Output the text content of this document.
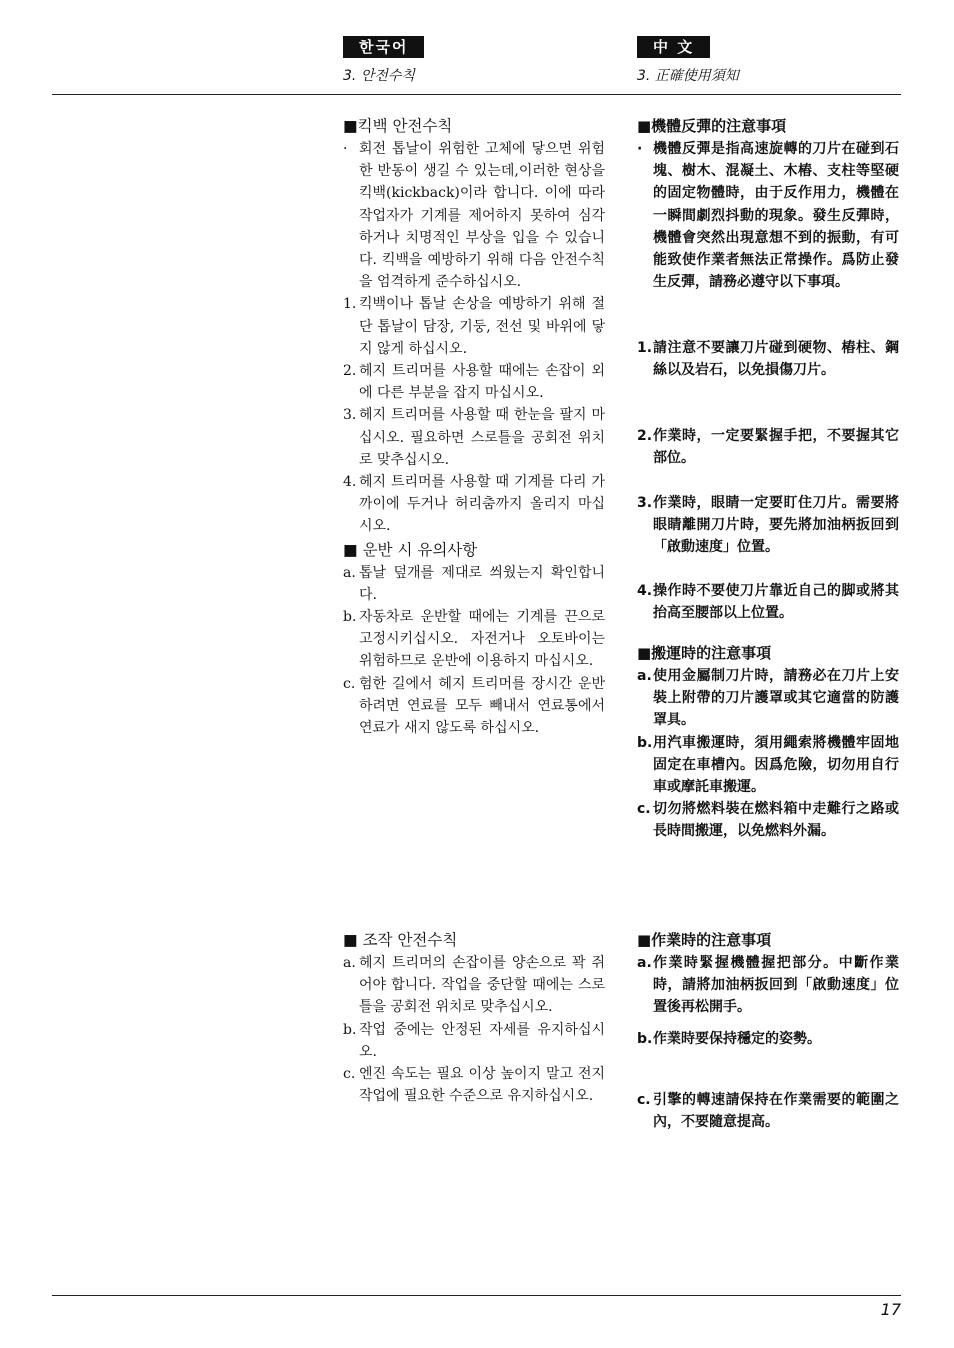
한국어
3. 안전수칙
中 文
3. 正確使用須知
■킥백 안전수칙
· 회전 톱날이 위험한 고체에 닿으면 위험한 반동이 생길 수 있는데,이러한 현상을 킥백(kickback)이라 합니다. 이에 따라 작업자가 기계를 제어하지 못하여 심각하거나 치명적인 부상을 입을 수 있습니다. 킥백을 예방하기 위해 다음 안전수칙을 엄격하게 준수하십시오.
1. 킥백이나 톱날 손상을 예방하기 위해 절단 톱날이 담장, 기둥, 전선 및 바위에 닿지 않게 하십시오.
2. 헤지 트리머를 사용할 때에는 손잡이 외에 다른 부분을 잡지 마십시오.
3. 헤지 트리머를 사용할 때 한눈을 팔지 마십시오. 필요하면 스로틀을 공회전 위치로 맞추십시오.
4. 헤지 트리머를 사용할 때 기계를 다리 가까이에 두거나 허리춤까지 올리지 마십시오.
■ 운반 시 유의사항
a. 톱날 덮개를 제대로 씌웠는지 확인합니다.
b. 자동차로 운반할 때에는 기계를 끈으로 고정시키십시오. 자전거나 오토바이는 위험하므로 운반에 이용하지 마십시오.
c. 험한 길에서 헤지 트리머를 장시간 운반하려면 연료를 모두 빼내서 연료통에서 연료가 새지 않도록 하십시오.
■ 조작 안전수칙
a. 헤지 트리머의 손잡이를 양손으로 꽉 쥐어야 합니다. 작업을 중단할 때에는 스로틀을 공회전 위치로 맞추십시오.
b. 작업 중에는 안정된 자세를 유지하십시오.
c. 엔진 속도는 필요 이상 높이지 말고 전지 작업에 필요한 수준으로 유지하십시오.
■機體反彈的注意事項
· 機體反彈是指高速旋轉的刀片在碰到石塊、樹木、混凝土、木樁、支柱等堅硬的固定物體時，由于反作用力，機體在一瞬間劇烈抖動的現象。發生反彈時，機體會突然出現意想不到的振動，有可能致使作業者無法正常操作。爲防止發生反彈，請務必遵守以下事項。
1. 請注意不要讓刀片碰到硬物、樁柱、鋼絲以及岩石，以免損傷刀片。
2. 作業時，一定要緊握手把，不要握其它部位。
3. 作業時，眼睛一定要盯住刀片。需要將眼睛離開刀片時，要先將加油柄扳回到「啟動速度」位置。
4. 操作時不要使刀片靠近自己的脚或將其抬高至腰部以上位置。
■搬運時的注意事項
a. 使用金屬制刀片時，請務必在刀片上安裝上附帶的刀片護罩或其它適當的防護罩具。
b. 用汽車搬運時，須用繩索將機體牢固地固定在車槽內。因爲危險，切勿用自行車或摩託車搬運。
c. 切勿將燃料裝在燃料箱中走難行之路或長時間搬運，以免燃料外漏。
■作業時的注意事項
a. 作業時緊握機體握把部分。中斷作業時，請將加油柄扳回到「啟動速度」位置後再松開手。
b. 作業時要保持穩定的姿勢。
c. 引擎的轉速請保持在作業需要的範圍之內，不要隨意提高。
17
